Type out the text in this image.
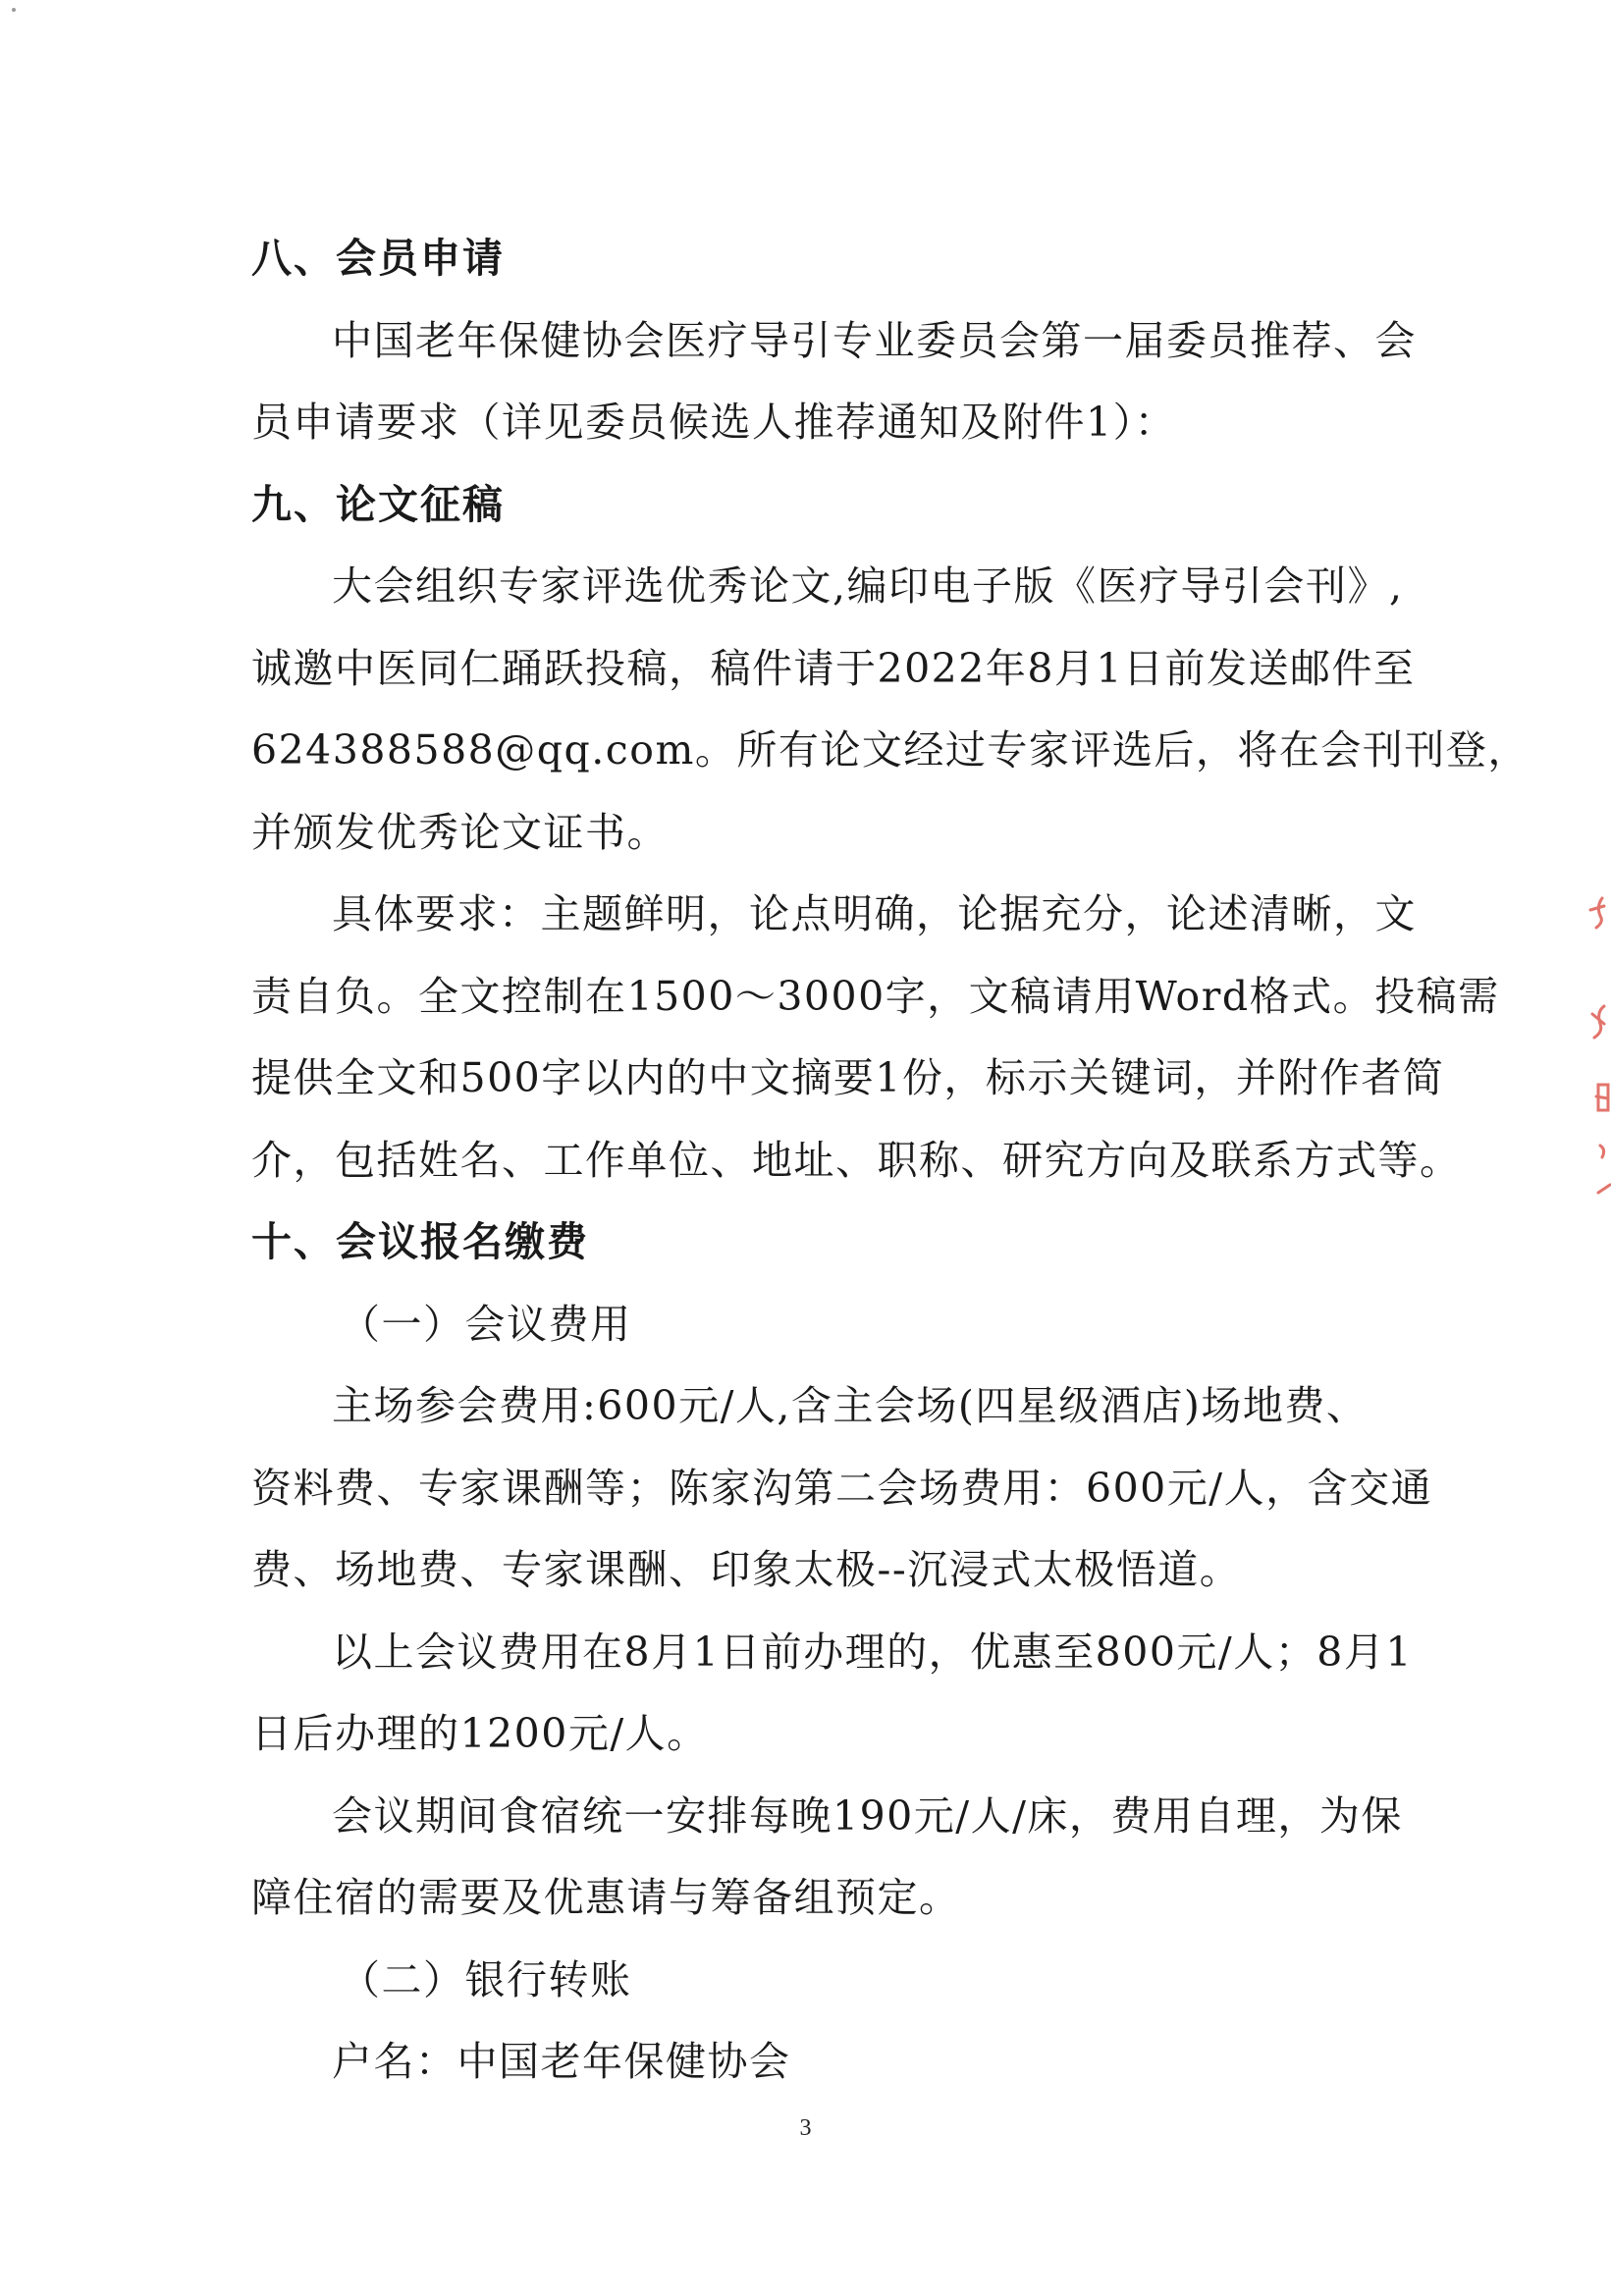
八、会员申请
中国老年保健协会医疗导引专业委员会第一届委员推荐、会
员申请要求（详见委员候选人推荐通知及附件1）：
九、论文征稿
大会组织专家评选优秀论文,编印电子版《医疗导引会刊》,
诚邀中医同仁踊跃投稿，稿件请于2022年8月1日前发送邮件至
624388588@qq.com。所有论文经过专家评选后，将在会刊刊登，
并颁发优秀论文证书。
具体要求：主题鲜明，论点明确，论据充分，论述清晰，文
责自负。全文控制在1500～3000字，文稿请用Word格式。投稿需
提供全文和500字以内的中文摘要1份，标示关键词，并附作者简
介，包括姓名、工作单位、地址、职称、研究方向及联系方式等。
十、会议报名缴费
（一）会议费用
主场参会费用:600元/人,含主会场(四星级酒店)场地费、
资料费、专家课酬等；陈家沟第二会场费用：600元/人，含交通
费、场地费、专家课酬、印象太极--沉浸式太极悟道。
以上会议费用在8月1日前办理的，优惠至800元/人；8月1
日后办理的1200元/人。
会议期间食宿统一安排每晚190元/人/床，费用自理，为保
障住宿的需要及优惠请与筹备组预定。
（二）银行转账
户名：中国老年保健协会
3
